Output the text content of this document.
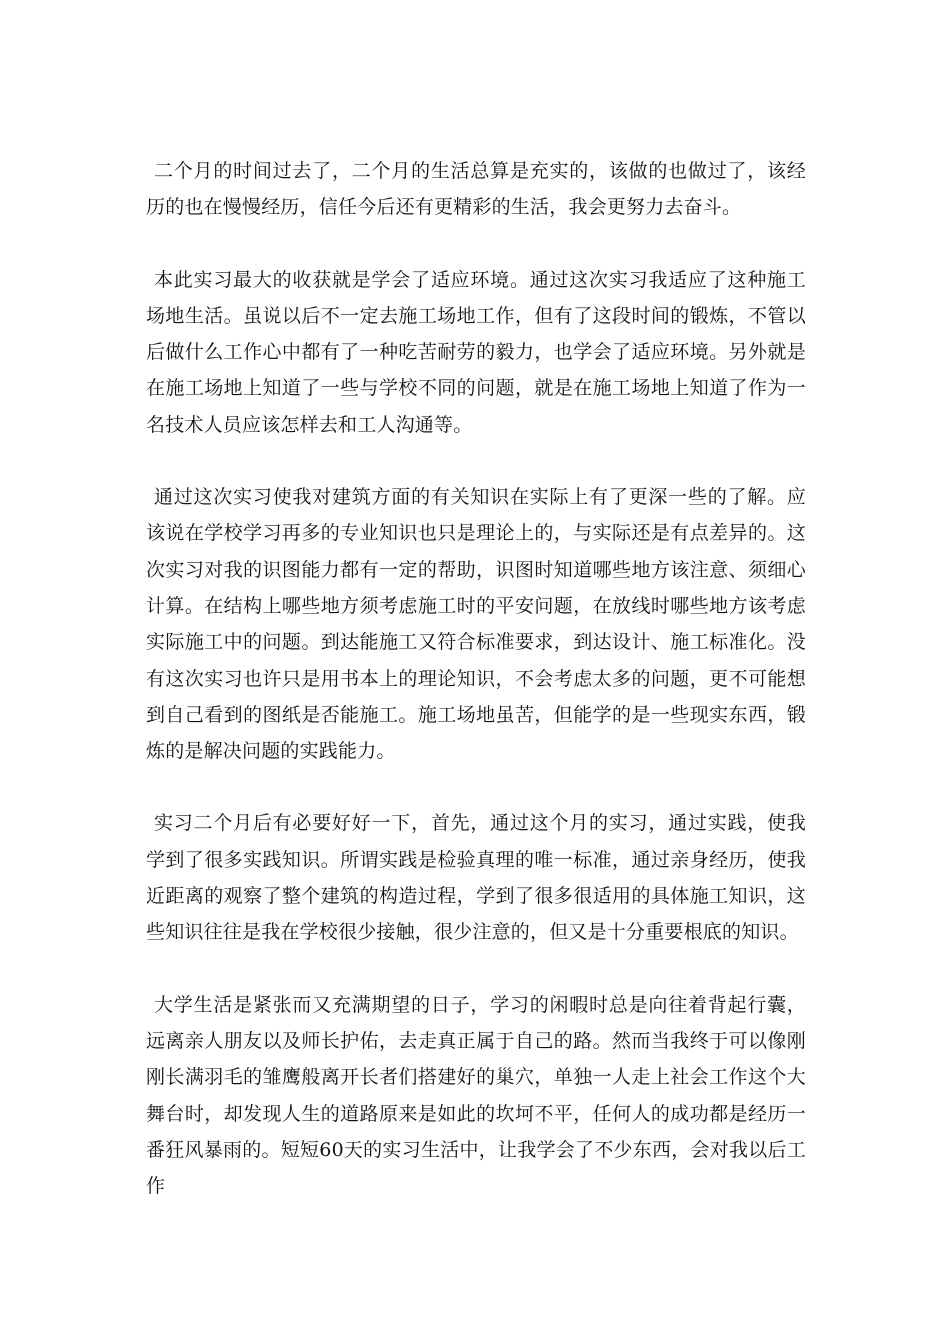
二个月的时间过去了，二个月的生活总算是充实的，该做的也做过了，该经历的也在慢慢经历，信任今后还有更精彩的生活，我会更努力去奋斗。

本此实习最大的收获就是学会了适应环境。通过这次实习我适应了这种施工场地生活。虽说以后不一定去施工场地工作，但有了这段时间的锻炼，不管以后做什么工作心中都有了一种吃苦耐劳的毅力，也学会了适应环境。另外就是在施工场地上知道了一些与学校不同的问题，就是在施工场地上知道了作为一名技术人员应该怎样去和工人沟通等。

通过这次实习使我对建筑方面的有关知识在实际上有了更深一些的了解。应该说在学校学习再多的专业知识也只是理论上的，与实际还是有点差异的。这次实习对我的识图能力都有一定的帮助，识图时知道哪些地方该注意、须细心计算。在结构上哪些地方须考虑施工时的平安问题，在放线时哪些地方该考虑实际施工中的问题。到达能施工又符合标准要求，到达设计、施工标准化。没有这次实习也许只是用书本上的理论知识，不会考虑太多的问题，更不可能想到自己看到的图纸是否能施工。施工场地虽苦，但能学的是一些现实东西，锻炼的是解决问题的实践能力。

实习二个月后有必要好好一下，首先，通过这个月的实习，通过实践，使我学到了很多实践知识。所谓实践是检验真理的唯一标准，通过亲身经历，使我近距离的观察了整个建筑的构造过程，学到了很多很适用的具体施工知识，这些知识往往是我在学校很少接触，很少注意的，但又是十分重要根底的知识。

大学生活是紧张而又充满期望的日子，学习的闲暇时总是向往着背起行囊，远离亲人朋友以及师长护佑，去走真正属于自己的路。然而当我终于可以像刚刚长满羽毛的雏鹰般离开长者们搭建好的巢穴，单独一人走上社会工作这个大舞台时，却发现人生的道路原来是如此的坎坷不平，任何人的成功都是经历一番狂风暴雨的。短短60天的实习生活中，让我学会了不少东西，会对我以后工作
